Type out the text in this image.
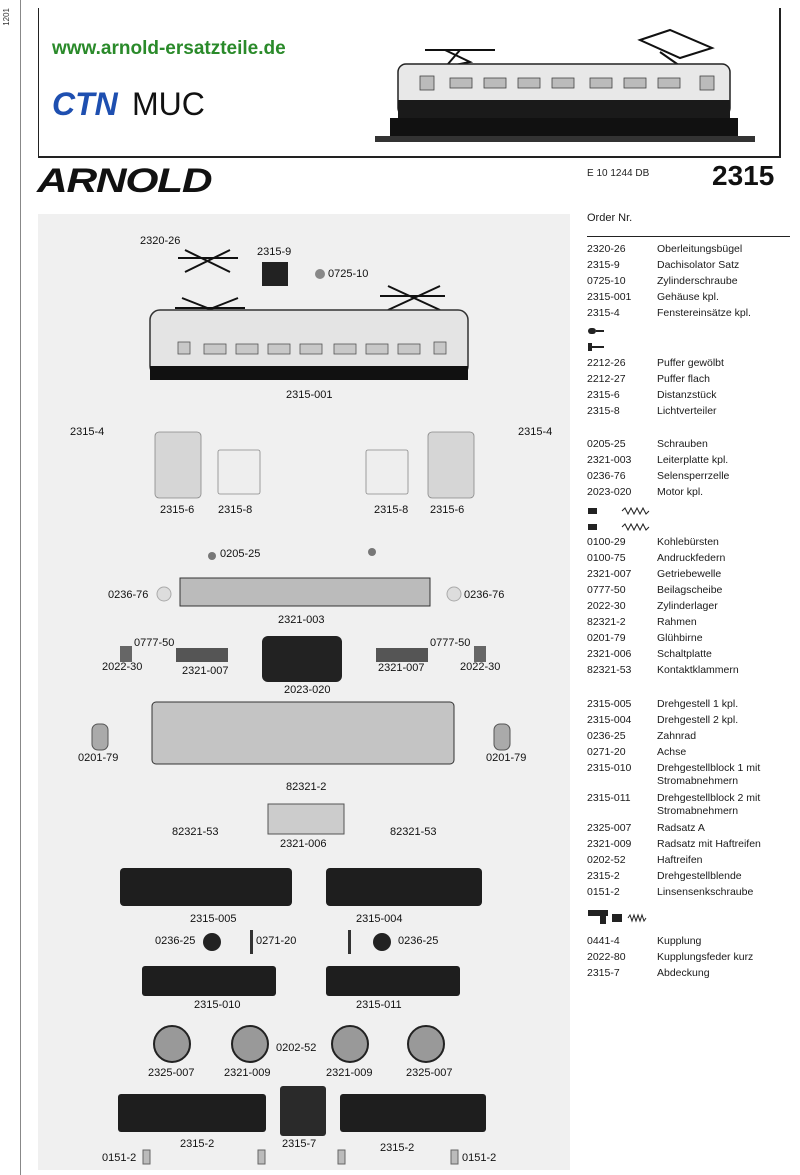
1201
www.arnold-ersatzteile.de
CTN MUC
ARNOLD	E 10 1244 DB 2315
2320-26
2315-9
0725-10
2315-001
2315-4	2315-4
2315-6 2315-8	2315-8 2315-6
0205-25
0236-76	0236-76
2321-003
0777-50	0777-50
2022-30	2321-007	2321-007	2022-30
2023-020
0201-79	0201-79
82321-2
82321-53	82321-53
2321-006
2315-005	2315-004
0236-25	0271-20	0236-25
2315-010	2315-011
0202-52
2325-007	2321-009	2321-009	2325-007
2315-2	2315-7	2315-2
0151-2	0151-2
Order Nr.
2320-26	Oberleitungsbügel
2315-9	Dachisolator Satz
0725-10	Zylinderschraube
2315-001 Gehäuse kpl.
2315-4	Fenstereinsätze kpl.
2212-26	Puffer gewölbt
2212-27	Puffer flach
2315-6	Distanzstück
2315-8	Lichtverteiler
0205-25	Schrauben
2321-003 Leiterplatte kpl.
0236-76	Selensperrzelle
2023-020 Motor kpl.
0100-29	Kohlebürsten
0100-75	Andruckfedern
2321-007 Getriebewelle
0777-50	Beilagscheibe
2022-30	Zylinderlager
82321-2	Rahmen
0201-79	Glühbirne
2321-006 Schaltplatte
82321-53 Kontaktklammern
2315-005 Drehgestell 1 kpl.
2315-004 Drehgestell 2 kpl.
0236-25	Zahnrad
0271-20	Achse
2315-010 Drehgestellblock 1 mit Stromabnehmern
2315-011	Drehgestellblock 2 mit Stromabnehmern
2325-007 Radsatz A
2321-009 Radsatz mit Haftreifen
0202-52	Haftreifen
2315-2	Drehgestellblende
0151-2	Linsensenkschraube
0441-4	Kupplung
2022-80	Kupplungsfeder kurz
2315-7	Abdeckung
